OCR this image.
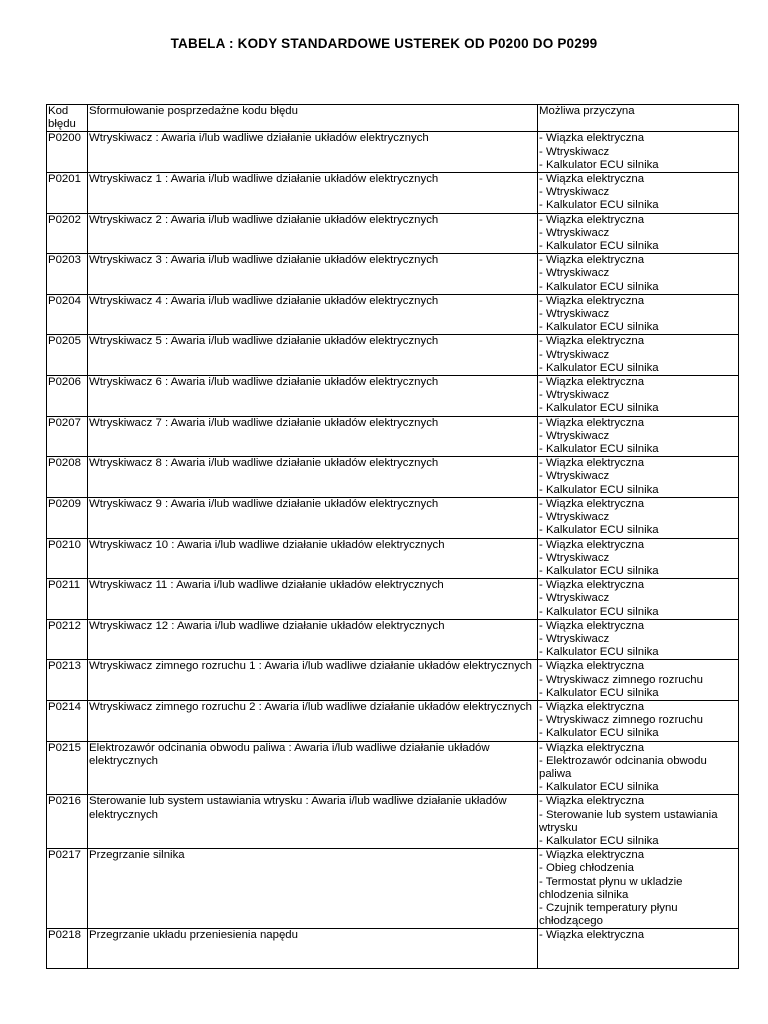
TABELA : KODY STANDARDOWE USTEREK OD P0200 DO P0299
Kod błędu	Sformułowanie posprzedażne kodu błędu	Możliwa przyczyna
P0200	Wtryskiwacz : Awaria i/lub wadliwe działanie układów elektrycznych	- Wiązka elektryczna
- Wtryskiwacz
- Kalkulator ECU silnika

P0201	Wtryskiwacz 1 : Awaria i/lub wadliwe działanie układów elektrycznych	- Wiązka elektryczna
- Wtryskiwacz
- Kalkulator ECU silnika

P0202	Wtryskiwacz 2 : Awaria i/lub wadliwe działanie układów elektrycznych	- Wiązka elektryczna
- Wtryskiwacz
- Kalkulator ECU silnika

P0203	Wtryskiwacz 3 : Awaria i/lub wadliwe działanie układów elektrycznych	- Wiązka elektryczna
- Wtryskiwacz
- Kalkulator ECU silnika

P0204	Wtryskiwacz 4 : Awaria i/lub wadliwe działanie układów elektrycznych	- Wiązka elektryczna
- Wtryskiwacz
- Kalkulator ECU silnika

P0205	Wtryskiwacz 5 : Awaria i/lub wadliwe działanie układów elektrycznych	- Wiązka elektryczna
- Wtryskiwacz
- Kalkulator ECU silnika

P0206	Wtryskiwacz 6 : Awaria i/lub wadliwe działanie układów elektrycznych	- Wiązka elektryczna
- Wtryskiwacz
- Kalkulator ECU silnika

P0207	Wtryskiwacz 7 : Awaria i/lub wadliwe działanie układów elektrycznych	- Wiązka elektryczna
- Wtryskiwacz
- Kalkulator ECU silnika

P0208	Wtryskiwacz 8 : Awaria i/lub wadliwe działanie układów elektrycznych	- Wiązka elektryczna
- Wtryskiwacz
- Kalkulator ECU silnika

P0209	Wtryskiwacz 9 : Awaria i/lub wadliwe działanie układów elektrycznych	- Wiązka elektryczna
- Wtryskiwacz
- Kalkulator ECU silnika

P0210	Wtryskiwacz 10 : Awaria i/lub wadliwe działanie układów elektrycznych	- Wiązka elektryczna
- Wtryskiwacz
- Kalkulator ECU silnika

P0211	Wtryskiwacz 11 : Awaria i/lub wadliwe działanie układów elektrycznych	- Wiązka elektryczna
- Wtryskiwacz
- Kalkulator ECU silnika

P0212	Wtryskiwacz 12 : Awaria i/lub wadliwe działanie układów elektrycznych	- Wiązka elektryczna
- Wtryskiwacz
- Kalkulator ECU silnika

P0213	Wtryskiwacz zimnego rozruchu 1 : Awaria i/lub wadliwe działanie układów elektrycznych	- Wiązka elektryczna
- Wtryskiwacz zimnego rozruchu
- Kalkulator ECU silnika

P0214	Wtryskiwacz zimnego rozruchu 2 : Awaria i/lub wadliwe działanie układów elektrycznych	- Wiązka elektryczna
- Wtryskiwacz zimnego rozruchu
- Kalkulator ECU silnika

P0215	Elektrozawór odcinania obwodu paliwa : Awaria i/lub wadliwe działanie układów elektrycznych	- Wiązka elektryczna
- Elektrozawór odcinania obwodu paliwa
- Kalkulator ECU silnika

P0216	Sterowanie lub system ustawiania wtrysku : Awaria i/lub wadliwe działanie układów elektrycznych	- Wiązka elektryczna
- Sterowanie lub system ustawiania wtrysku
- Kalkulator ECU silnika

P0217	Przegrzanie silnika	- Wiązka elektryczna
- Obieg chłodzenia
- Termostat płynu w ukladzie chlodzenia silnika
- Czujnik temperatury płynu chłodzącego

P0218	Przegrzanie układu przeniesienia napędu	- Wiązka elektryczna
